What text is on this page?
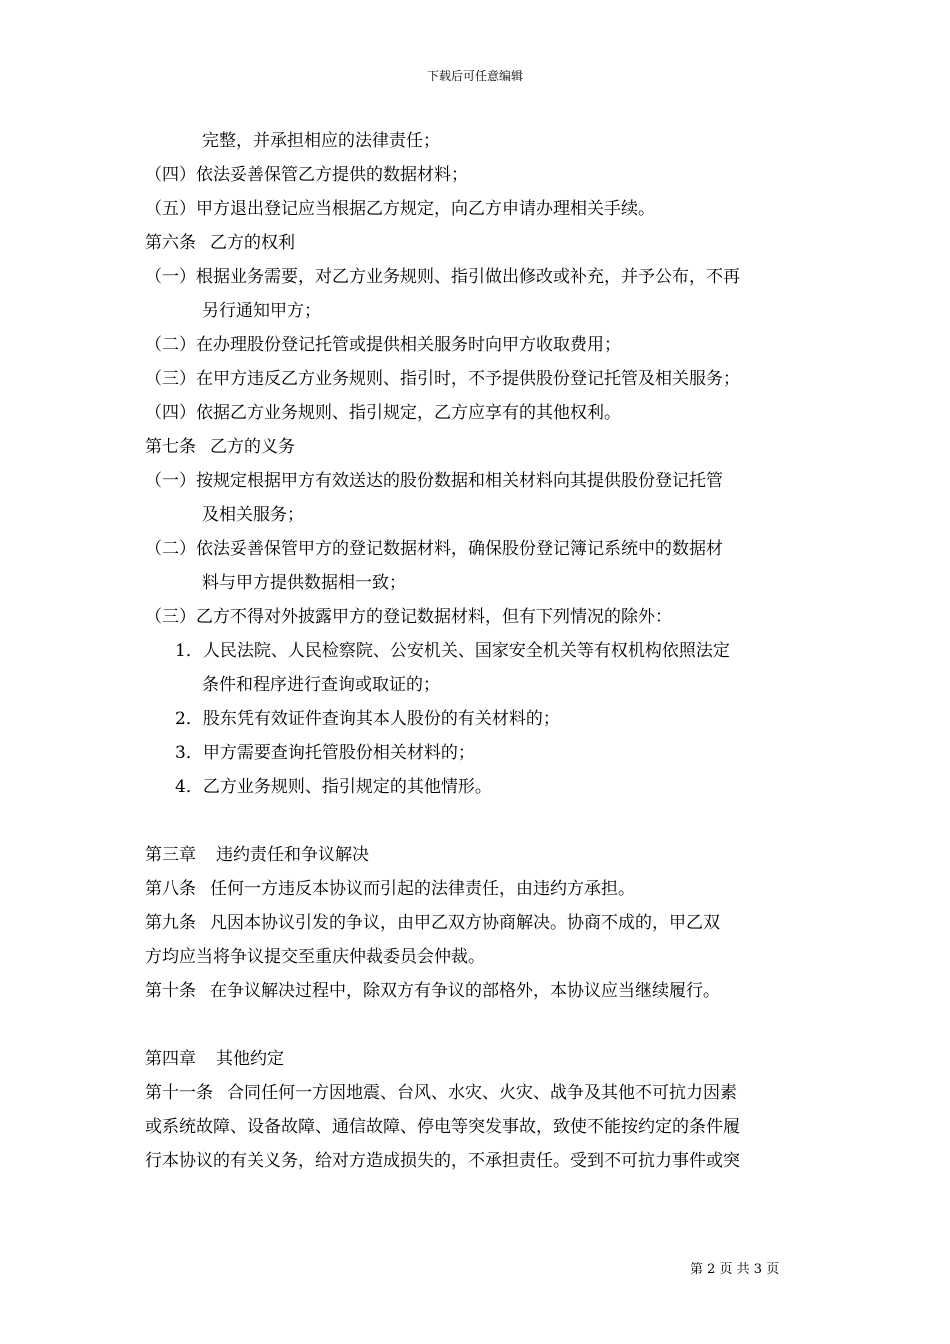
下载后可任意编辑
完整，并承担相应的法律责任；
（四）依法妥善保管乙方提供的数据材料；
（五）甲方退出登记应当根据乙方规定，向乙方申请办理相关手续。
第六条 乙方的权利
（一）根据业务需要，对乙方业务规则、指引做出修改或补充，并予公布，不再
另行通知甲方；
（二）在办理股份登记托管或提供相关服务时向甲方收取费用；
（三）在甲方违反乙方业务规则、指引时，不予提供股份登记托管及相关服务；
（四）依据乙方业务规则、指引规定，乙方应享有的其他权利。
第七条 乙方的义务
（一）按规定根据甲方有效送达的股份数据和相关材料向其提供股份登记托管
及相关服务；
（二）依法妥善保管甲方的登记数据材料，确保股份登记簿记系统中的数据材
料与甲方提供数据相一致；
（三）乙方不得对外披露甲方的登记数据材料，但有下列情况的除外：
1．人民法院、人民检察院、公安机关、国家安全机关等有权机构依照法定
条件和程序进行查询或取证的；
2．股东凭有效证件查询其本人股份的有关材料的；
3．甲方需要查询托管股份相关材料的；
4．乙方业务规则、指引规定的其他情形。
第三章 违约责任和争议解决
第八条 任何一方违反本协议而引起的法律责任，由违约方承担。
第九条 凡因本协议引发的争议，由甲乙双方协商解决。协商不成的，甲乙双
方均应当将争议提交至重庆仲裁委员会仲裁。
第十条 在争议解决过程中，除双方有争议的部格外，本协议应当继续履行。
第四章 其他约定
第十一条 合同任何一方因地震、台风、水灾、火灾、战争及其他不可抗力因素
或系统故障、设备故障、通信故障、停电等突发事故，致使不能按约定的条件履
行本协议的有关义务，给对方造成损失的，不承担责任。受到不可抗力事件或突
第 2 页 共 3 页
